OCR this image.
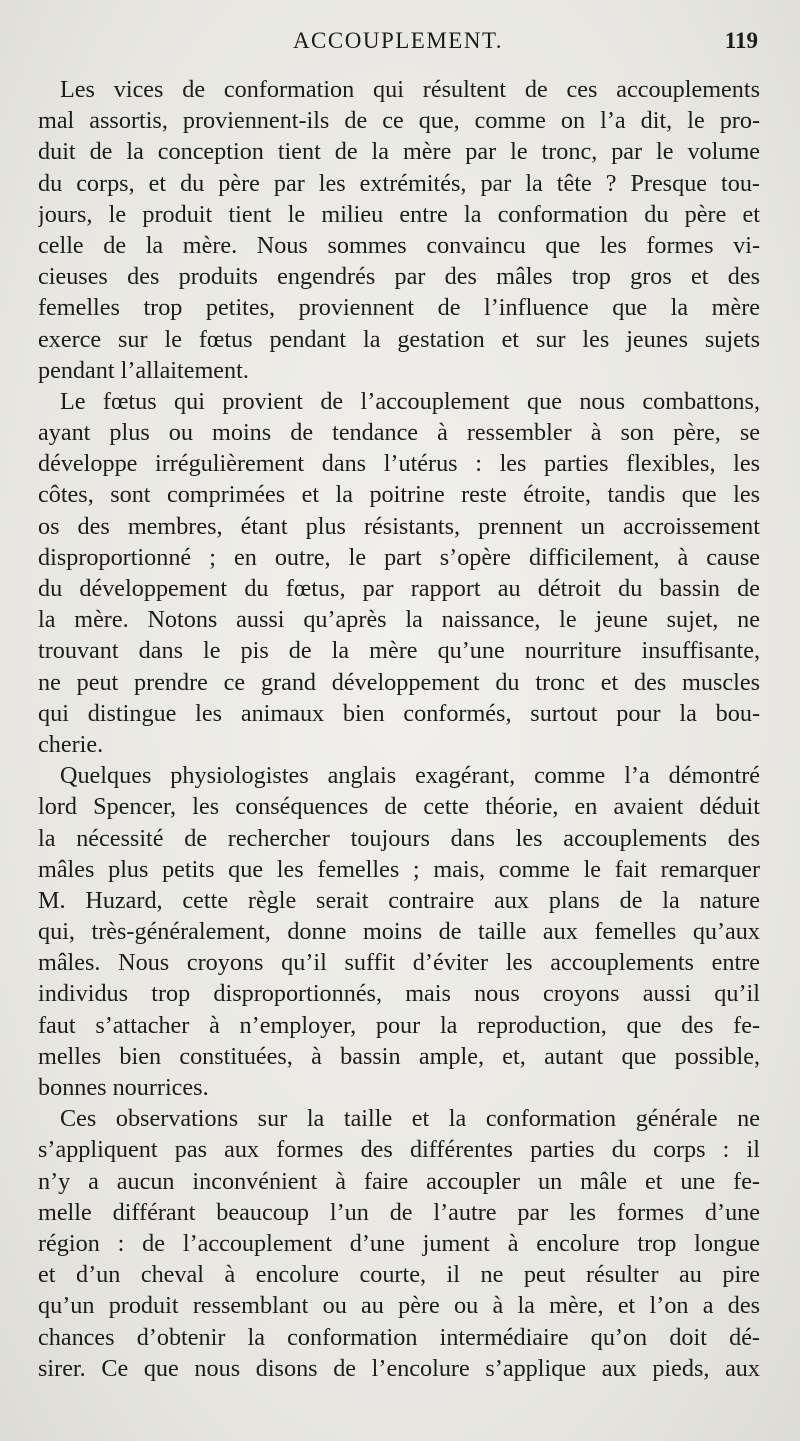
ACCOUPLEMENT.	119

Les vices de conformation qui résultent de ces accouplements
mal assortis, proviennent-ils de ce que, comme on l’a dit, le pro-
duit de la conception tient de la mère par le tronc, par le volume
du corps, et du père par les extrémités, par la tête ? Presque tou-
jours, le produit tient le milieu entre la conformation du père et
celle de la mère. Nous sommes convaincu que les formes vi-
cieuses des produits engendrés par des mâles trop gros et des
femelles trop petites, proviennent de l’influence que la mère
exerce sur le fœtus pendant la gestation et sur les jeunes sujets
pendant l’allaitement.

Le fœtus qui provient de l’accouplement que nous combattons,
ayant plus ou moins de tendance à ressembler à son père, se
développe irrégulièrement dans l’utérus : les parties flexibles, les
côtes, sont comprimées et la poitrine reste étroite, tandis que les
os des membres, étant plus résistants, prennent un accroissement
disproportionné ; en outre, le part s’opère difficilement, à cause
du développement du fœtus, par rapport au détroit du bassin de
la mère. Notons aussi qu’après la naissance, le jeune sujet, ne
trouvant dans le pis de la mère qu’une nourriture insuffisante,
ne peut prendre ce grand développement du tronc et des muscles
qui distingue les animaux bien conformés, surtout pour la bou-
cherie.

Quelques physiologistes anglais exagérant, comme l’a démontré
lord Spencer, les conséquences de cette théorie, en avaient déduit
la nécessité de rechercher toujours dans les accouplements des
mâles plus petits que les femelles ; mais, comme le fait remarquer
M. Huzard, cette règle serait contraire aux plans de la nature
qui, très-généralement, donne moins de taille aux femelles qu’aux
mâles. Nous croyons qu’il suffit d’éviter les accouplements entre
individus trop disproportionnés, mais nous croyons aussi qu’il
faut s’attacher à n’employer, pour la reproduction, que des fe-
melles bien constituées, à bassin ample, et, autant que possible,
bonnes nourrices.

Ces observations sur la taille et la conformation générale ne
s’appliquent pas aux formes des différentes parties du corps : il
n’y a aucun inconvénient à faire accoupler un mâle et une fe-
melle différant beaucoup l’un de l’autre par les formes d’une
région : de l’accouplement d’une jument à encolure trop longue
et d’un cheval à encolure courte, il ne peut résulter au pire
qu’un produit ressemblant ou au père ou à la mère, et l’on a des
chances d’obtenir la conformation intermédiaire qu’on doit dé-
sirer. Ce que nous disons de l’encolure s’applique aux pieds, aux
